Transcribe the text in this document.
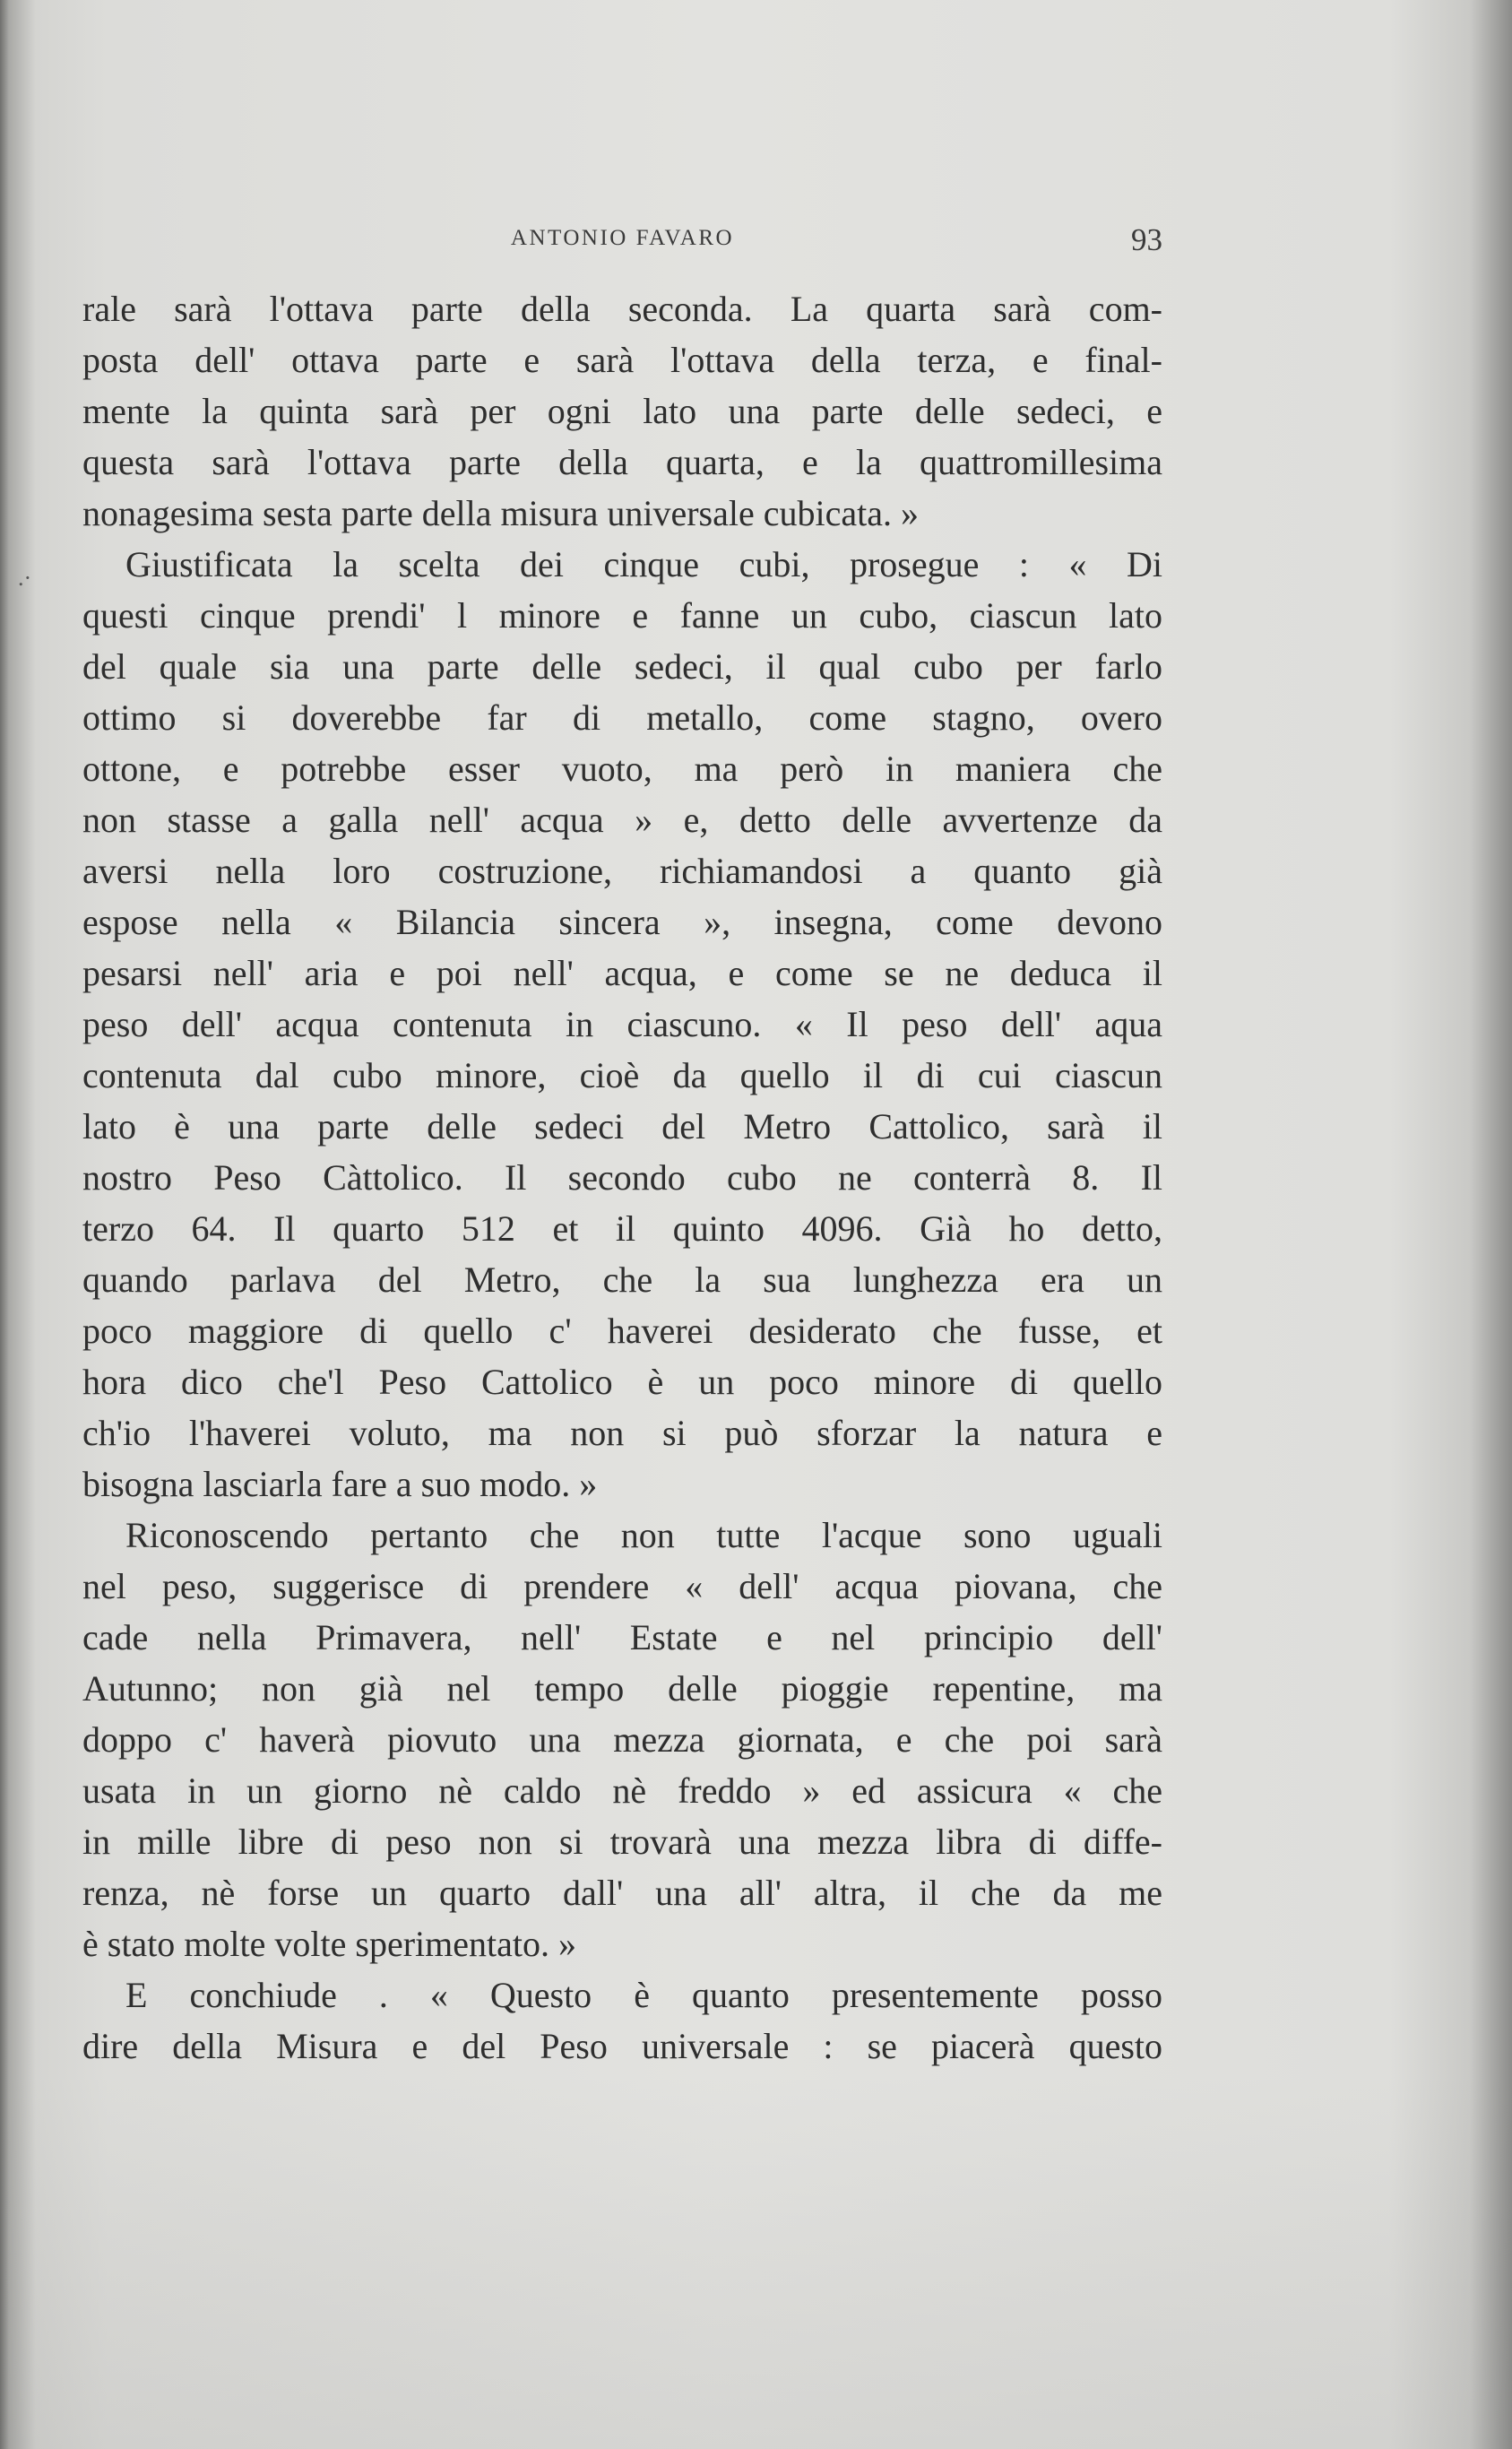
ANTONIO FAVARO	93
.·
rale sarà l'ottava parte della seconda. La quarta sarà com-
posta dell' ottava parte e sarà l'ottava della terza, e final-
mente la quinta sarà per ogni lato una parte delle sedeci, e
questa sarà l'ottava parte della quarta, e la quattromillesima
nonagesima sesta parte della misura universale cubicata. »
Giustificata la scelta dei cinque cubi, prosegue : « Di
questi cinque prendi' l minore e fanne un cubo, ciascun lato
del quale sia una parte delle sedeci, il qual cubo per farlo
ottimo si doverebbe far di metallo, come stagno, overo
ottone, e potrebbe esser vuoto, ma però in maniera che
non stasse a galla nell' acqua » e, detto delle avvertenze da
aversi nella loro costruzione, richiamandosi a quanto già
espose nella « Bilancia sincera », insegna, come devono
pesarsi nell' aria e poi nell' acqua, e come se ne deduca il
peso dell' acqua contenuta in ciascuno. « Il peso dell' aqua
contenuta dal cubo minore, cioè da quello il di cui ciascun
lato è una parte delle sedeci del Metro Cattolico, sarà il
nostro Peso Càttolico. Il secondo cubo ne conterrà 8. Il
terzo 64. Il quarto 512 et il quinto 4096. Già ho detto,
quando parlava del Metro, che la sua lunghezza era un
poco maggiore di quello c' haverei desiderato che fusse, et
hora dico che'l Peso Cattolico è un poco minore di quello
ch'io l'haverei voluto, ma non si può sforzar la natura e
bisogna lasciarla fare a suo modo. »
Riconoscendo pertanto che non tutte l'acque sono uguali
nel peso, suggerisce di prendere « dell' acqua piovana, che
cade nella Primavera, nell' Estate e nel principio dell'
Autunno; non già nel tempo delle pioggie repentine, ma
doppo c' haverà piovuto una mezza giornata, e che poi sarà
usata in un giorno nè caldo nè freddo » ed assicura « che
in mille libre di peso non si trovarà una mezza libra di diffe-
renza, nè forse un quarto dall' una all' altra, il che da me
è stato molte volte sperimentato. »
E conchiude . « Questo è quanto presentemente posso
dire della Misura e del Peso universale : se piacerà questo
